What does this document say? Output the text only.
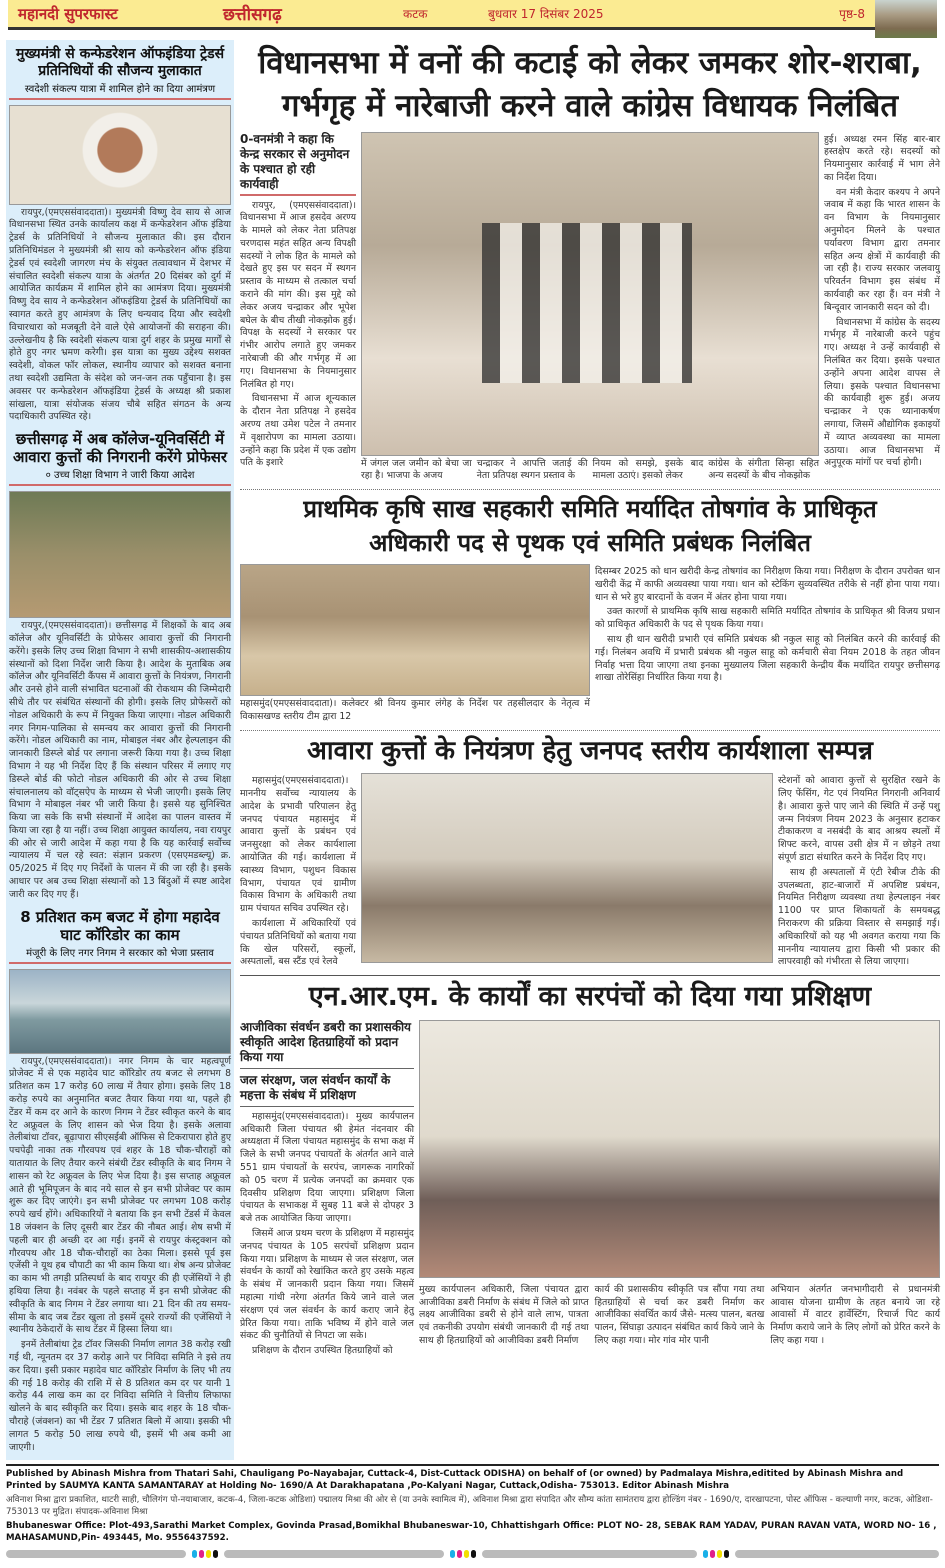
महानदी सुपरफास्ट	छत्तीसगढ़	कटक	बुधवार 17 दिसंबर 2025	पृष्ठ-8
मुख्यमंत्री से कन्फेडरेशन ऑफइंडिया ट्रेडर्स प्रतिनिधियों की सौजन्य मुलाकात
स्वदेशी संकल्प यात्रा में शामिल होने का दिया आमंत्रण
रायपुर,(एमएससंवाददाता)। मुख्यमंत्री विष्णु देव साय से आज विधानसभा स्थित उनके कार्यालय कक्ष में कन्फेडरेशन ऑफ इंडिया ट्रेडर्स के प्रतिनिधियों ने सौजन्य मुलाकात की। इस दौरान प्रतिनिधिमंडल ने मुख्यमंत्री श्री साय को कन्फेडरेशन ऑफ इंडिया ट्रेडर्स एवं स्वदेशी जागरण मंच के संयुक्त तत्वावधान में देशभर में संचालित स्वदेशी संकल्प यात्रा के अंतर्गत 20 दिसंबर को दुर्ग में आयोजित कार्यक्रम में शामिल होने का आमंत्रण दिया। मुख्यमंत्री विष्णु देव साय ने कन्फेडरेशन ऑफइंडिया ट्रेडर्स के प्रतिनिधियों का स्वागत करते हुए आमंत्रण के लिए धन्यवाद दिया और स्वदेशी विचारधारा को मजबूती देने वाले ऐसे आयोजनों की सराहना की। उल्लेखनीय है कि स्वदेशी संकल्प यात्रा दुर्ग शहर के प्रमुख मार्गों से होते हुए नगर भ्रमण करेगी। इस यात्रा का मुख्य उद्देश्य सशक्त स्वदेशी, वोकल फॉर लोकल, स्थानीय व्यापार को सशक्त बनाना तथा स्वदेशी उद्यमिता के संदेश को जन-जन तक पहुँचाना है। इस अवसर पर कन्फेडरेशन ऑफइंडिया ट्रेडर्स के अध्यक्ष श्री प्रकाश सांखला, यात्रा संयोजक संजय चौबे सहित संगठन के अन्य पदाधिकारी उपस्थित रहे।
छत्तीसगढ़ में अब कॉलेज-यूनिवर्सिटी में आवारा कुत्तों की निगरानी करेंगे प्रोफेसर
० उच्च शिक्षा विभाग ने जारी किया आदेश
रायपुर,(एमएससंवाददाता)। छत्तीसगढ़ में शिक्षकों के बाद अब कॉलेज और यूनिवर्सिटी के प्रोफेसर आवारा कुत्तों की निगरानी करेंगे। इसके लिए उच्च शिक्षा विभाग ने सभी शासकीय-अशासकीय संस्थानों को दिशा निर्देश जारी किया है। आदेश के मुताबिक अब कॉलेज और यूनिवर्सिटी कैंपस में आवारा कुत्तों के नियंत्रण, निगरानी और उनसे होने वाली संभावित घटनाओं की रोकथाम की जिम्मेदारी सीधे तौर पर संबंधित संस्थानों की होगी। इसके लिए प्रोफेसरों को नोडल अधिकारी के रूप में नियुक्त किया जाएगा। नोडल अधिकारी नगर निगम-पालिका से समन्वय कर आवारा कुत्तों की निगरानी करेंगे। नोडल अधिकारी का नाम, मोबाइल नंबर और हेल्पलाइन की जानकारी डिस्प्ले बोर्ड पर लगाना जरूरी किया गया है। उच्च शिक्षा विभाग ने यह भी निर्देश दिए हैं कि संस्थान परिसर में लगाए गए डिस्प्ले बोर्ड की फोटो नोडल अधिकारी की ओर से उच्च शिक्षा संचालनालय को वॉट्सऐप के माध्यम से भेजी जाएगी। इसके लिए विभाग ने मोबाइल नंबर भी जारी किया है। इससे यह सुनिश्चित किया जा सके कि सभी संस्थानों में आदेश का पालन वास्तव में किया जा रहा है या नहीं। उच्च शिक्षा आयुक्त कार्यालय, नवा रायपुर की ओर से जारी आदेश में कहा गया है कि यह कार्रवाई सर्वोच्च न्यायालय में चल रहे स्वत: संज्ञान प्रकरण (एसएमडब्ल्यू) क्र. 05/2025 में दिए गए निर्देशों के पालन में की जा रही है। इसके आधार पर अब उच्च शिक्षा संस्थानों को 13 बिंदुओं में स्पष्ट आदेश जारी कर दिए गए हैं।
8 प्रतिशत कम बजट में होगा महादेव घाट कॉरिडोर का काम
मंजूरी के लिए नगर निगम ने सरकार को भेजा प्रस्ताव
रायपुर,(एमएससंवाददाता)। नगर निगम के चार महत्वपूर्ण प्रोजेक्ट में से एक महादेव घाट कॉरिडोर तय बजट से लगभग 8 प्रतिशत कम 17 करोड़ 60 लाख में तैयार होगा। इसके लिए 18 करोड़ रुपये का अनुमानित बजट तैयार किया गया था, पहले ही टेंडर में कम दर आने के कारण निगम ने टेंडर स्वीकृत करने के बाद रेट अफ्रूवल के लिए शासन को भेज दिया है। इसके अलावा तेलीबांधा टॉवर, बूढ़ापारा सीएसईबी ऑफिस से टिकरापारा होते हुए पचपेढ़ी नाका तक गौरवपथ एवं शहर के 18 चौक-चौराहों को यातायात के लिए तैयार करने संबंधी टेंडर स्वीकृति के बाद निगम ने शासन को रेट अफ्रूवल के लिए भेज दिया है। इस सप्ताह अफ्रूवल आते ही भूमिपूजन के बाद नये साल से इन सभी प्रोजेक्ट पर काम शुरू कर दिए जाएंगे। इन सभी प्रोजेक्ट पर लगभग 108 करोड़ रुपये खर्च होंगे। अधिकारियों ने बताया कि इन सभी टेंडर्स में केवल 18 जंक्शन के लिए दूसरी बार टेंडर की नौबत आई। शेष सभी में पहली बार ही अच्छी दर आ गई। इनमें से रायपुर कंस्ट्रक्शन को गौरवपथ और 18 चौक-चौराहों का ठेका मिला। इससे पूर्व इस एजेंसी ने यूथ हब चौपाटी का भी काम किया था। शेष अन्य प्रोजेक्ट का काम भी तगड़ी प्रतिस्पर्धा के बाद रायपुर की ही एजेंसियों ने ही हथिया लिया है। नवंबर के पहले सप्ताह में इन सभी प्रोजेक्ट की स्वीकृति के बाद निगम ने टेंडर लगाया था। 21 दिन की तय समय-सीमा के बाद जब टेंडर खुला तो इसमें दूसरे राज्यों की एजेंसियों ने स्थानीय ठेकेदारों के साथ टेंडर में हिस्सा लिया था।
इनमें तेलीबांधा ट्रेड टॉवर जिसकी निर्माण लागत 38 करोड़ रखी गई थी, न्यूनतम दर 37 करोड़ आने पर निविदा समिति ने इसे तय कर दिया। इसी प्रकार महादेव घाट कॉरिडोर निर्माण के लिए भी तय की गई 18 करोड़ की राशि में से 8 प्रतिशत कम दर पर यानी 1 करोड़ 44 लाख कम का दर निविदा समिति ने वित्तीय लिफाफा खोलने के बाद स्वीकृति कर दिया। इसके बाद शहर के 18 चौक-चौराहे (जंक्शन) का भी टेंडर 7 प्रतिशत बिलो में आया। इसकी भी लागत 5 करोड़ 50 लाख रुपये थी, इसमें भी अब कमी आ जाएगी।
विधानसभा में वनों की कटाई को लेकर जमकर शोर-शराबा,
गर्भगृह में नारेबाजी करने वाले कांग्रेस विधायक निलंबित
0-वनमंत्री ने कहा कि केन्द्र सरकार से अनुमोदन के पश्चात हो रही कार्यवाही
रायपुर, (एमएससंवाददाता)। विधानसभा में आज हसदेव अरण्य के मामले को लेकर नेता प्रतिपक्ष चरणदास महंत सहित अन्य विपक्षी सदस्यों ने लोक हित के मामले को देखते हुए इस पर सदन में स्थगन प्रस्ताव के माध्यम से तत्काल चर्चा कराने की मांग की। इस मुद्दे को लेकर अजय चन्द्राकर और भूपेश बघेल के बीच तीखी नोकझोक हुई। विपक्ष के सदस्यों ने सरकार पर गंभीर आरोप लगाते हुए जमकर नारेबाजी की और गर्भगृह में आ गए। विधानसभा के नियमानुसार निलंबित हो गए।
विधानसभा में आज शून्यकाल के दौरान नेता प्रतिपक्ष ने हसदेव अरण्य तथा उमेश पटेल ने तमनार में वृक्षारोपण का मामला उठाया। उन्होंने कहा कि प्रदेश में एक उद्योग पति के इशारे	में जंगल जल जमीन को बेचा जा रहा है। भाजपा के अजय
चन्द्राकर ने आपत्ति जताई की नेता प्रतिपक्ष स्थगन प्रस्ताव के
नियम को समझे, इसके बाद मामला उठाएं। इसको लेकर
कांग्रेस के संगीता सिन्हा सहित अन्य सदस्यों के बीच नोकझोक
हुई। अध्यक्ष रमन सिंह बार-बार हस्तक्षेप करते रहे। सदस्यों को नियमानुसार कार्रवाई में भाग लेने का निर्देश दिया।
वन मंत्री केदार कश्यप ने अपने जवाब में कहा कि भारत शासन के वन विभाग के नियमानुसार अनुमोदन मिलने के पश्चात पर्यावरण विभाग द्वारा तमनार सहित अन्य क्षेत्रों में कार्यवाही की जा रही है। राज्य सरकार जलवायु परिवर्तन विभाग इस संबंध में कार्यवाही कर रहा हैं। वन मंत्री ने बिन्दूवार जानकारी सदन को दी।
विधानसभा में कांग्रेस के सदस्य गर्भगृह में नारेबाजी करने पहुंच गए। अध्यक्ष ने उन्हें कार्यवाही से निलंबित कर दिया। इसके पश्चात उन्होंने अपना आदेश वापस ले लिया। इसके पश्चात विधानसभा की कार्यवाही शुरू हुई। अजय चन्द्राकर ने एक ध्यानाकर्षण लगाया, जिसमें औद्योगिक इकाइयों में व्याप्त अव्यवस्था का मामला उठाया। आज विधानसभा में अनुपूरक मांगों पर चर्चा होगी।
प्राथमिक कृषि साख सहकारी समिति मर्यादित तोषगांव के प्राधिकृत
अधिकारी पद से पृथक एवं समिति प्रबंधक निलंबित
महासमुंद(एमएससंवाददाता)। कलेक्टर श्री विनय कुमार लंगेह के निर्देश पर तहसीलदार के नेतृत्व में विकासखण्ड स्तरीय टीम द्वारा 12
दिसम्बर 2025 को धान खरीदी केन्द्र तोषगांव का निरीक्षण किया गया। निरीक्षण के दौरान उपरोक्त धान खरीदी केंद्र में काफी अव्यवस्था पाया गया। धान को स्टेकिंग सुव्यवस्थित तरीके से नहीं होना पाया गया। धान से भरे हुए बारदानों के वजन में अंतर होना पाया गया।
उक्त कारणों से प्राथमिक कृषि साख सहकारी समिति मर्यादित तोषगांव के प्राधिकृत श्री विजय प्रधान को प्राधिकृत अधिकारी के पद से पृथक किया गया।
साथ ही धान खरीदी प्रभारी एवं समिति प्रबंधक श्री नकुल साहू को निलंबित करने की कार्रवाई की गई। निलंबन अवधि में प्रभारी प्रबंधक श्री नकुल साहू को कर्मचारी सेवा नियम 2018 के तहत जीवन निर्वाह भत्ता दिया जाएगा तथा इनका मुख्यालय जिला सहकारी केन्द्रीय बैंक मर्यादित रायपुर छत्तीसगढ़ शाखा तोरेसिंहा निर्धारित किया गया है।
आवारा कुत्तों के नियंत्रण हेतु जनपद स्तरीय कार्यशाला सम्पन्न
महासमुंद(एमएससंवाददाता)। माननीय सर्वोच्च न्यायालय के आदेश के प्रभावी परिपालन हेतु जनपद पंचायत महासमुंद में आवारा कुत्तों के प्रबंधन एवं जनसुरक्षा को लेकर कार्यशाला आयोजित की गई। कार्यशाला में स्वास्थ्य विभाग, पशुधन विकास विभाग, पंचायत एवं ग्रामीण विकास विभाग के अधिकारी तथा ग्राम पंचायत सचिव उपस्थित रहे।
कार्यशाला में अधिकारियों एवं पंचायत प्रतिनिधियों को बताया गया कि खेल परिसरों, स्कूलों, अस्पतालों, बस स्टैंड एवं रेलवे
स्टेशनों को आवारा कुत्तों से सुरक्षित रखने के लिए फेंसिंग, गेट एवं नियमित निगरानी अनिवार्य है। आवारा कुत्ते पाए जाने की स्थिति में उन्हें पशु जन्म नियंत्रण नियम 2023 के अनुसार हटाकर टीकाकरण व नसबंदी के बाद आश्रय स्थलों में शिफ्ट करने, वापस उसी क्षेत्र में न छोड़ने तथा संपूर्ण डाटा संधारित करने के निर्देश दिए गए।
साथ ही अस्पतालों में एंटी रेबीज टीके की उपलब्धता, हाट-बाजारों में अपशिष्ट प्रबंधन, नियमित निरीक्षण व्यवस्था तथा हेल्पलाइन नंबर 1100 पर प्राप्त शिकायतों के समयबद्ध निराकरण की प्रक्रिया विस्तार से समझाई गई। अधिकारियों को यह भी अवगत कराया गया कि माननीय न्यायालय द्वारा किसी भी प्रकार की लापरवाही को गंभीरता से लिया जाएगा।
एन.आर.एम. के कार्यों का सरपंचों को दिया गया प्रशिक्षण
आजीविका संवर्धन डबरी का प्रशासकीय स्वीकृति आदेश हितग्राहियों को प्रदान किया गया
जल संरक्षण, जल संवर्धन कार्यों के महत्ता के संबंध में प्रशिक्षण
महासमुंद(एमएससंवाददाता)। मुख्य कार्यपालन अधिकारी जिला पंचायत श्री हेमंत नंदनवार की अध्यक्षता में जिला पंचायत महासमुंद के सभा कक्ष में जिले के सभी जनपद पंचायतों के अंतर्गत आने वाले 551 ग्राम पंचायतों के सरपंच, जागरूक नागरिकों को 05 चरण में प्रत्येक जनपदों का क्रमवार एक दिवसीय प्रशिक्षण दिया जाएगा। प्रशिक्षण जिला पंचायत के सभाकक्ष में सुबह 11 बजे से दोपहर 3 बजे तक आयोजित किया जाएगा।
जिसमें आज प्रथम चरण के प्रशिक्षण में महासमुंद जनपद पंचायत के 105 सरपंचों प्रशिक्षण प्रदान किया गया। प्रशिक्षण के माध्यम से जल संरक्षण, जल संवर्धन के कार्यों को रेखांकित करते हुए उसके महत्व के संबंध में जानकारी प्रदान किया गया। जिसमें महात्मा गांधी नरेगा अंतर्गत किये जाने वाले जल संरक्षण एवं जल संवर्धन के कार्य कराए जाने हेतु प्रेरित किया गया। ताकि भविष्य में होने वाले जल संकट की चुनौतियों से निपटा जा सके।
प्रशिक्षण के दौरान उपस्थित हितग्राहियों को
मुख्य कार्यपालन अधिकारी, जिला पंचायत द्वारा आजीविका डबरी निर्माण के संबंध में जिले को प्राप्त लक्ष्य आजीविका डबरी से होने वाले लाभ, पात्रता एवं तकनीकी उपयोग संबंधी जानकारी दी गई तथा साथ ही हितग्राहियों को आजीविका डबरी निर्माण
कार्य की प्रशासकीय स्वीकृति पत्र सौंपा गया तथा हितग्राहियों से चर्चा कर डबरी निर्माण कर आजीविका संवर्धित कार्य जैसे- मत्स्य पालन, बतख पालन, सिंघाड़ा उत्पादन संबंधित कार्य किये जाने के लिए कहा गया। मोर गांव मोर पानी
अभियान अंतर्गत जनभागीदारी से प्रधानमंत्री आवास योजना ग्रामीण के तहत बनाये जा रहे आवासों में वाटर हार्वेस्टिंग, रिचार्ज पिट कार्य निर्माण कराये जाने के लिए लोगों को प्रेरित करने के लिए कहा गया ।
Published by Abinash Mishra from Thatari Sahi, Chauligang Po-Nayabajar, Cuttack-4, Dist-Cuttack ODISHA) on behalf of (or owned) by Padmalaya Mishra,editited by Abinash Mishra and Printed by SAUMYA KANTA SAMANTARAY at Holding No- 1690/A At Darakhapatana ,Po-Kalyani Nagar, Cuttack,Odisha- 753013. Editor Abinash Mishra
अविनाश मिश्रा द्वारा प्रकाशित, थाटरी साही, चौलिगंग पो-नयाबाजार, कटक-4, जिला-कटक ओडिशा) पद्मालय मिश्रा की ओर से (या उनके स्वामित्व में), अविनाश मिश्रा द्वारा संपादित और सौम्य कांता सामंतराय द्वारा होल्डिंग नंबर - 1690/ए, दारखापटना, पोस्ट ऑफिस - कल्याणी नगर, कटक, ओडिशा- 753013 पर मुद्रित। संपादक-अविनाश मिश्रा
Bhubaneswar Office: Plot-493,Sarathi Market Complex, Govinda Prasad,Bomikhal Bhubaneswar-10, Chhattishgarh Office: PLOT NO- 28, SEBAK RAM YADAV, PURAN RAVAN VATA, WORD NO- 16 , MAHASAMUND,Pin- 493445, Mo. 9556437592.
